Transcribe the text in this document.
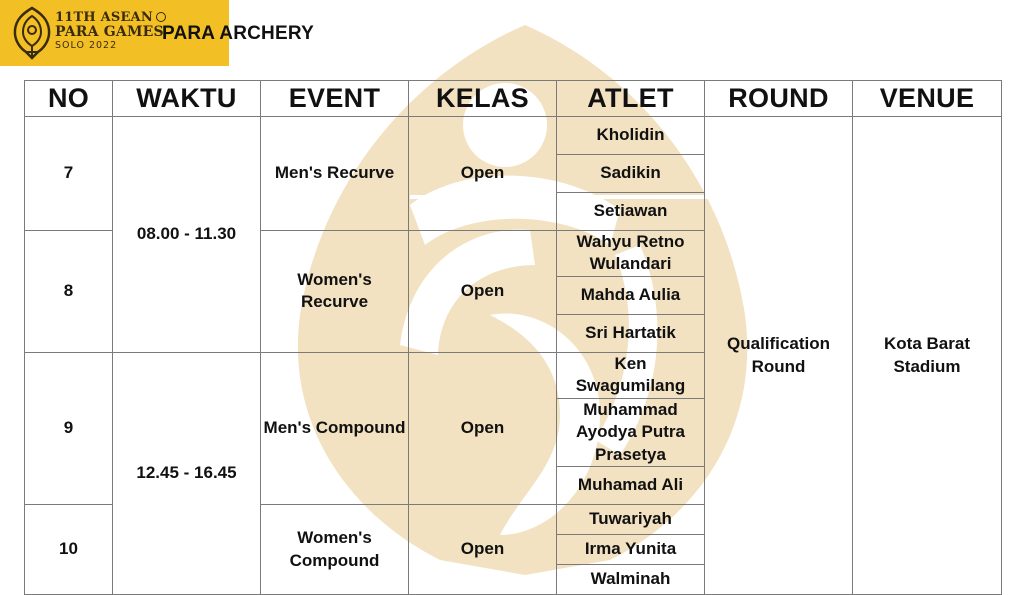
11TH ASEAN
PARA GAMES
SOLO 2022
PARA ARCHERY
NO	WAKTU	EVENT	KELAS	ATLET	ROUND	VENUE
7	08.00 - 11.30	Men's Recurve	Open	Kholidin	Qualification Round	Kota Barat Stadium
				Sadikin		
				Setiawan		
8		Women's Recurve	Open	Wahyu Retno Wulandari		
				Mahda Aulia		
				Sri Hartatik		
9	12.45 - 16.45	Men's Compound	Open	Ken Swagumilang		
				Muhammad Ayodya Putra Prasetya		
				Muhamad Ali		
10		Women's Compound	Open	Tuwariyah		
				Irma Yunita		
				Walminah		
